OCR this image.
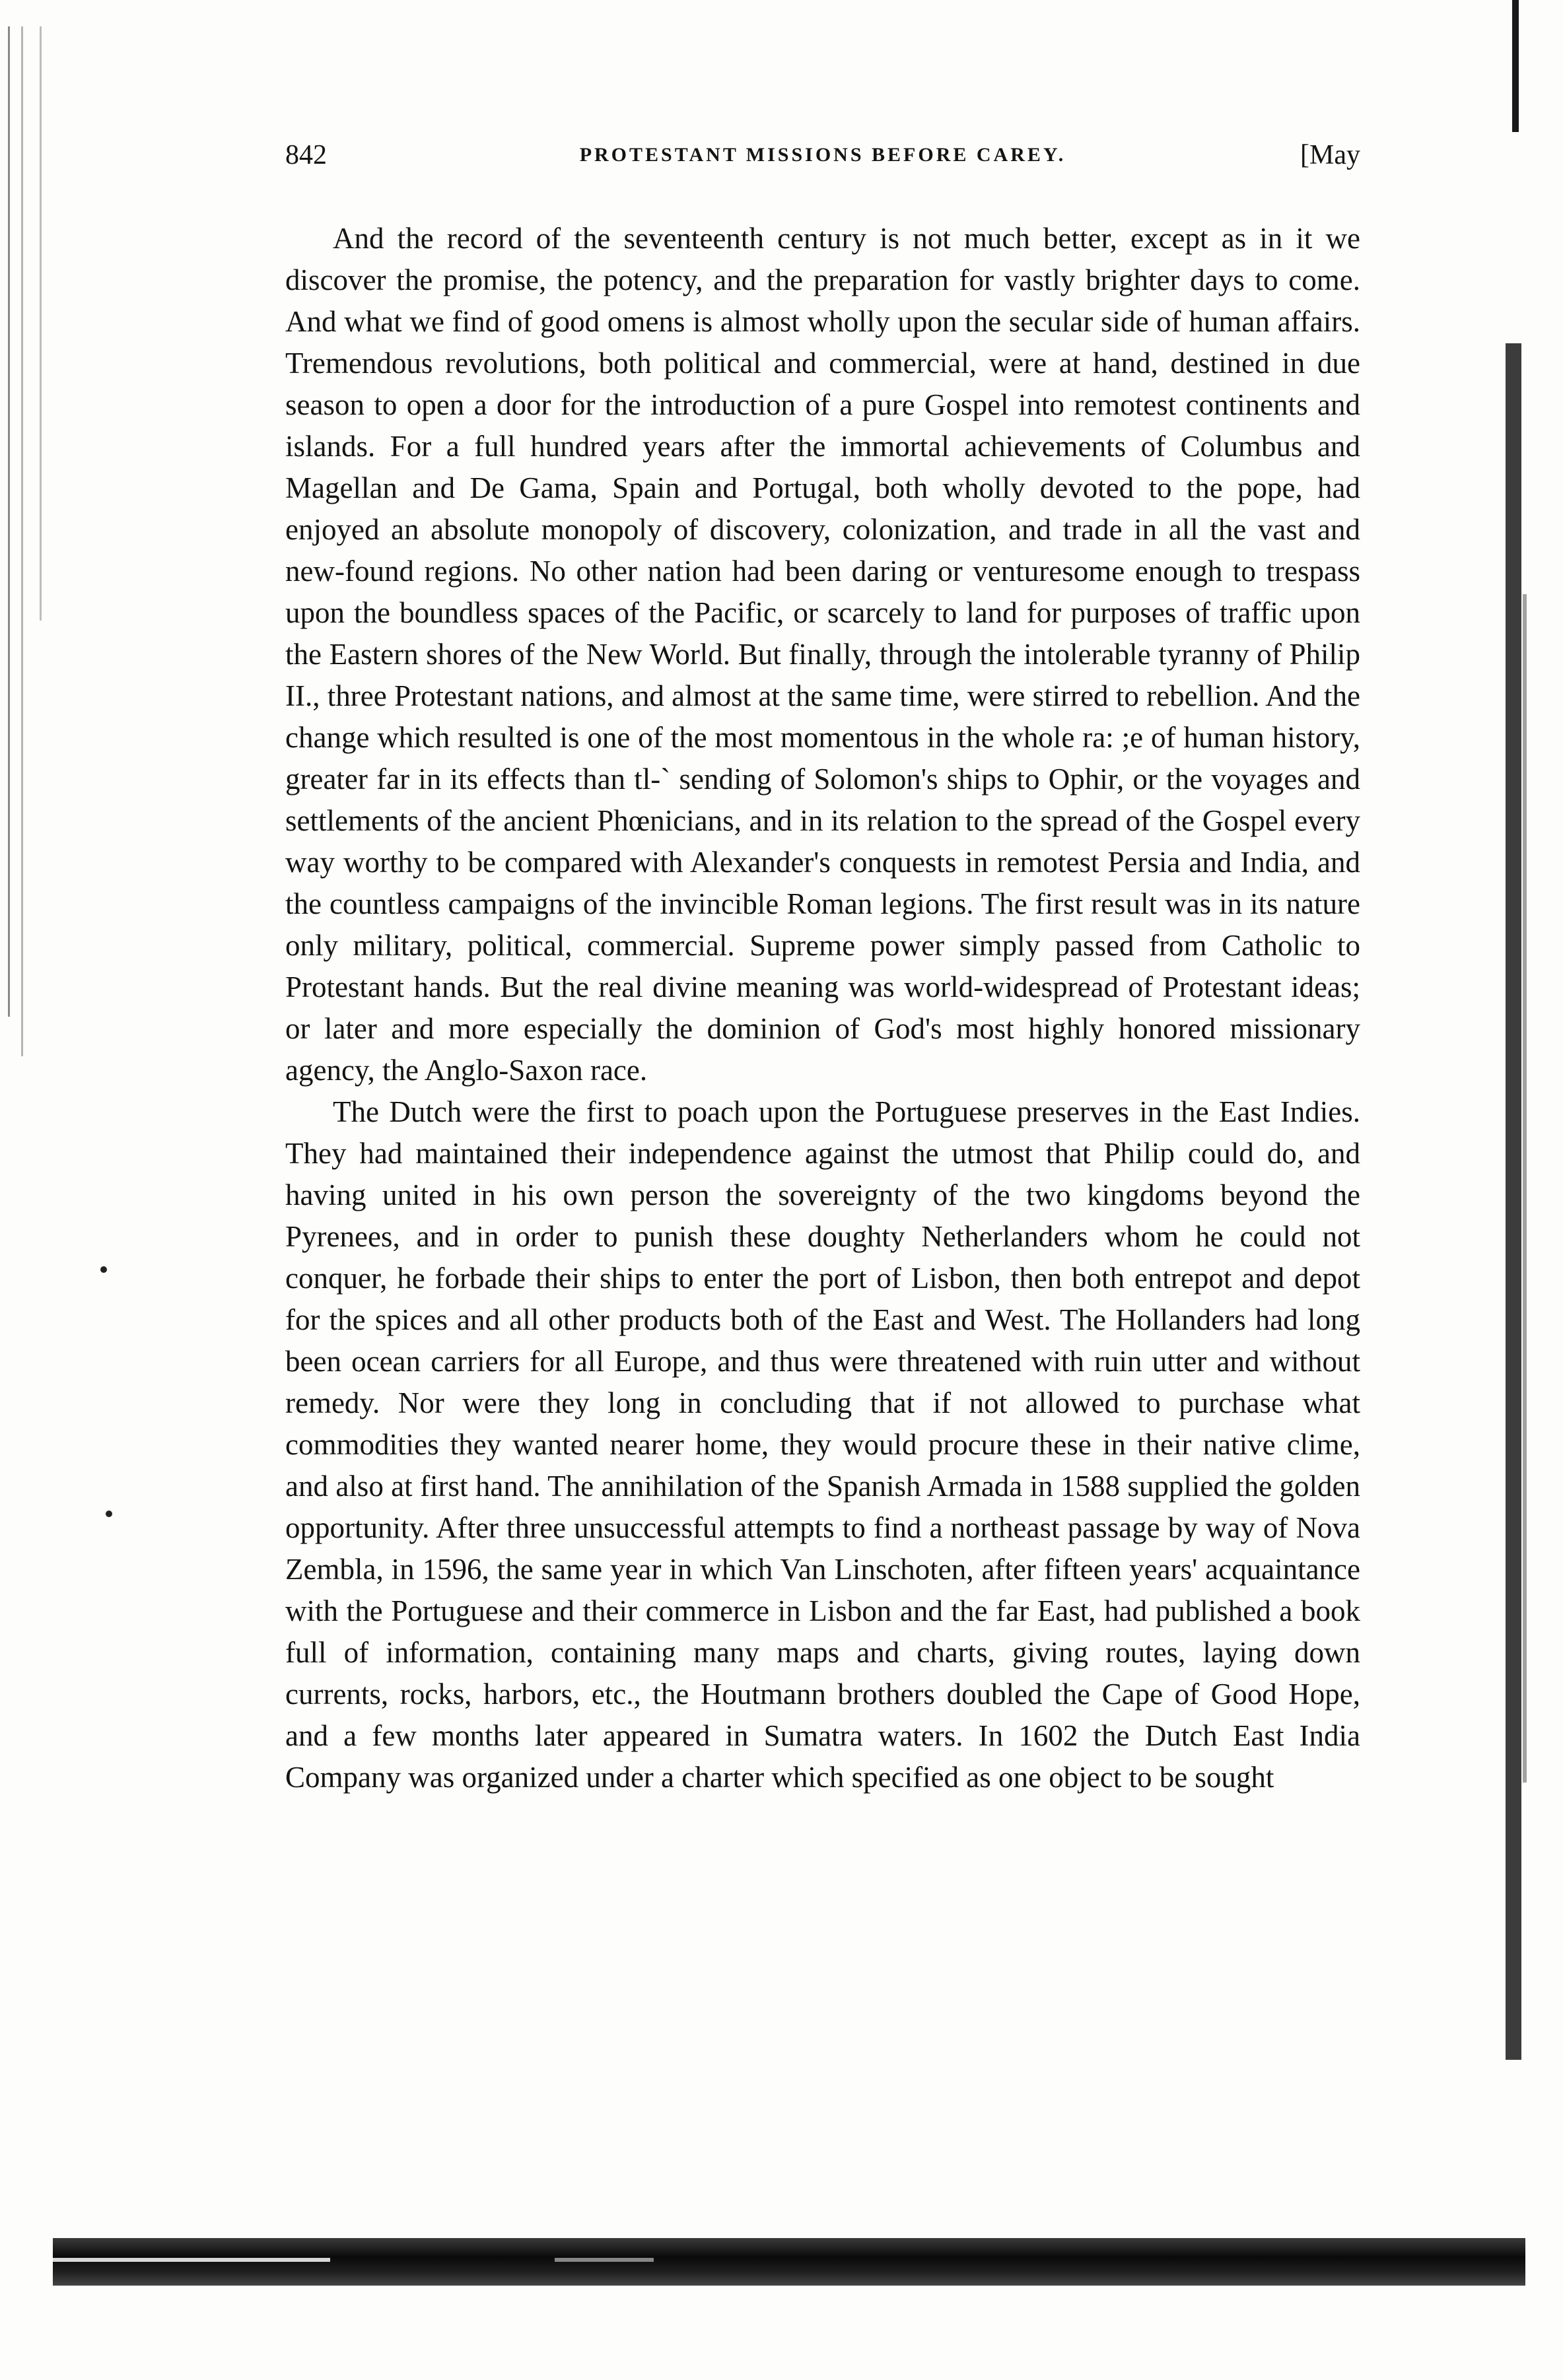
842	PROTESTANT MISSIONS BEFORE CAREY.	[May

And the record of the seventeenth century is not much better, except as in it we discover the promise, the potency, and the preparation for vastly brighter days to come. And what we find of good omens is almost wholly upon the secular side of human affairs. Tremendous revolutions, both political and commercial, were at hand, destined in due season to open a door for the introduction of a pure Gospel into remotest continents and islands. For a full hundred years after the immortal achievements of Columbus and Magellan and De Gama, Spain and Portugal, both wholly devoted to the pope, had enjoyed an absolute monopoly of discovery, colonization, and trade in all the vast and new-found regions. No other nation had been daring or venturesome enough to trespass upon the boundless spaces of the Pacific, or scarcely to land for purposes of traffic upon the Eastern shores of the New World. But finally, through the intolerable tyranny of Philip II., three Protestant nations, and almost at the same time, were stirred to rebellion. And the change which resulted is one of the most momentous in the whole ra: ;e of human history, greater far in its effects than tl-` sending of Solomon's ships to Ophir, or the voyages and settlements of the ancient Phœnicians, and in its relation to the spread of the Gospel every way worthy to be compared with Alexander's conquests in remotest Persia and India, and the countless campaigns of the invincible Roman legions. The first result was in its nature only military, political, commercial. Supreme power simply passed from Catholic to Protestant hands. But the real divine meaning was world-widespread of Protestant ideas; or later and more especially the dominion of God's most highly honored missionary agency, the Anglo-Saxon race.

The Dutch were the first to poach upon the Portuguese preserves in the East Indies. They had maintained their independence against the utmost that Philip could do, and having united in his own person the sovereignty of the two kingdoms beyond the Pyrenees, and in order to punish these doughty Netherlanders whom he could not conquer, he forbade their ships to enter the port of Lisbon, then both entrepot and depot for the spices and all other products both of the East and West. The Hollanders had long been ocean carriers for all Europe, and thus were threatened with ruin utter and without remedy. Nor were they long in concluding that if not allowed to purchase what commodities they wanted nearer home, they would procure these in their native clime, and also at first hand. The annihilation of the Spanish Armada in 1588 supplied the golden opportunity. After three unsuccessful attempts to find a northeast passage by way of Nova Zembla, in 1596, the same year in which Van Linschoten, after fifteen years' acquaintance with the Portuguese and their commerce in Lisbon and the far East, had published a book full of information, containing many maps and charts, giving routes, laying down currents, rocks, harbors, etc., the Houtmann brothers doubled the Cape of Good Hope, and a few months later appeared in Sumatra waters. In 1602 the Dutch East India Company was organized under a charter which specified as one object to be sought
